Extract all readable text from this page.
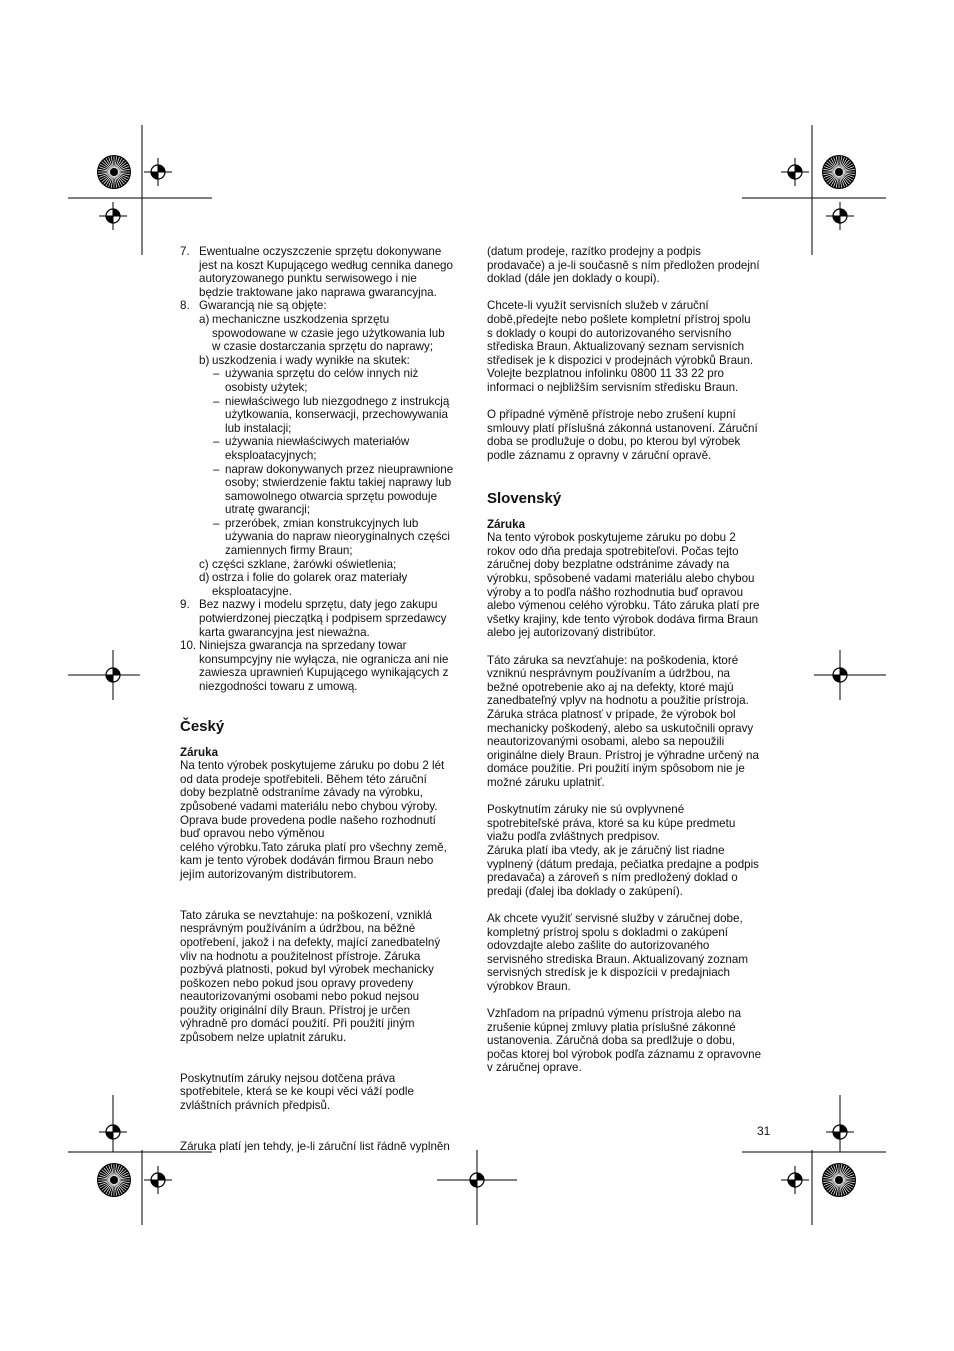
7. Ewentualne oczyszczenie sprzętu dokonywane
jest na koszt Kupującego według cennika danego
autoryzowanego punktu serwisowego i nie
będzie traktowane jako naprawa gwarancyjna.
8. Gwarancją nie są objęte:
a) mechaniczne uszkodzenia sprzętu
spowodowane w czasie jego użytkowania lub
w czasie dostarczania sprzętu do naprawy;
b) uszkodzenia i wady wynikłe na skutek:
– używania sprzętu do celów innych niż
osobisty użytek;
– niewłaściwego lub niezgodnego z instrukcją
użytkowania, konserwacji, przechowywania
lub instalacji;
– używania niewłaściwych materiałów
eksploatacyjnych;
– napraw dokonywanych przez nieuprawnione
osoby; stwierdzenie faktu takiej naprawy lub
samowolnego otwarcia sprzętu powoduje
utratę gwarancji;
– przeróbek, zmian konstrukcyjnych lub
używania do napraw nieoryginalnych części
zamiennych firmy Braun;
c) części szklane, żarówki oświetlenia;
d) ostrza i folie do golarek oraz materiały
eksploatacyjne.
9. Bez nazwy i modelu sprzętu, daty jego zakupu
potwierdzonej pieczątką i podpisem sprzedawcy
karta gwarancyjna jest nieważna.
10. Niniejsza gwarancja na sprzedany towar
konsumpcyjny nie wyłącza, nie ogranicza ani nie
zawiesza uprawnień Kupującego wynikających z
niezgodności towaru z umową.
Český
Záruka

Na tento výrobek poskytujeme záruku po dobu 2 lét
od data prodeje spotřebiteli. Během této záruční
doby bezplatně odstraníme závady na výrobku,
způsobené vadami materiálu nebo chybou výroby.
Oprava bude provedena podle našeho rozhodnutí
buď opravou nebo výměnou
celého výrobku.Tato záruka platí pro všechny země,
kam je tento výrobek dodáván firmou Braun nebo
jejím autorizovaným distributorem.

Tato záruka se nevztahuje: na poškození, vzniklá
nesprávným používáním a údržbou, na běžné
opotřebení, jakož i na defekty, mající zanedbatelný
vliv na hodnotu a použitelnost přístroje. Záruka
pozbývá platnosti, pokud byl výrobek mechanicky
poškozen nebo pokud jsou opravy provedeny
neautorizovanými osobami nebo pokud nejsou
použity originální díly Braun. Přístroj je určen
výhradně pro domácí použití. Při použití jiným
způsobem nelze uplatnit záruku.

Poskytnutím záruky nejsou dotčena práva
spotřebitele, která se ke koupi věci váží podle
zvláštních právních předpisů.

Záruka platí jen tehdy, je-li záruční list řádně vyplněn

(datum prodeje, razítko prodejny a podpis
prodavače) a je-li současně s ním předložen prodejní
doklad (dále jen doklady o koupi).

Chcete-li využít servisních služeb v záruční
době,předejte nebo pošlete kompletní přístroj spolu
s doklady o koupi do autorizovaného servisního
střediska Braun. Aktualizovaný seznam servisních
středisek je k dispozici v prodejnách výrobků Braun.
Volejte bezplatnou infolinku 0800 11 33 22 pro
informaci o nejbližším servisním středisku Braun.

O případné výměně přístroje nebo zrušení kupní
smlouvy platí příslušná zákonná ustanovení. Záruční
doba se prodlužuje o dobu, po kterou byl výrobek
podle záznamu z opravny v záruční opravě.

Slovenský
Záruka

Na tento výrobok poskytujeme záruku po dobu 2
rokov odo dňa predaja spotrebiteľovi. Počas tejto
záručnej doby bezplatne odstránime závady na
výrobku, spôsobené vadami materiálu alebo chybou
výroby a to podľa nášho rozhodnutia buď opravou
alebo výmenou celého výrobku. Táto záruka platí pre
všetky krajiny, kde tento výrobok dodáva firma Braun
alebo jej autorizovaný distribútor.

Táto záruka sa nevzťahuje: na poškodenia, ktoré
vzniknú nesprávnym používaním a údržbou, na
bežné opotrebenie ako aj na defekty, ktoré majú
zanedbateľný vplyv na hodnotu a použitie prístroja.
Záruka stráca platnosť v prípade, že výrobok bol
mechanicky poškodený, alebo sa uskutočnili opravy
neautorizovanými osobami, alebo sa nepoužili
originálne diely Braun. Prístroj je výhradne určený na
domáce použitie. Pri použití iným spôsobom nie je
možné záruku uplatniť.

Poskytnutím záruky nie sú ovplyvnené
spotrebiteľské práva, ktoré sa ku kúpe predmetu
viažu podľa zvláštnych predpisov.
Záruka platí iba vtedy, ak je záručný list riadne
vyplnený (dátum predaja, pečiatka predajne a podpis
predavača) a zároveň s ním predložený doklad o
predaji (ďalej iba doklady o zakúpení).

Ak chcete využiť servisné služby v záručnej dobe,
kompletný prístroj spolu s dokladmi o zakúpení
odovzdajte alebo zašlite do autorizovaného
servisného strediska Braun. Aktualizovaný zoznam
servisných stredísk je k dispozícii v predajniach
výrobkov Braun.

Vzhľadom na prípadnú výmenu prístroja alebo na
zrušenie kúpnej zmluvy platia príslušné zákonné
ustanovenia. Záručná doba sa predlžuje o dobu,
počas ktorej bol výrobok podľa záznamu z opravovne
v záručnej oprave.

31
